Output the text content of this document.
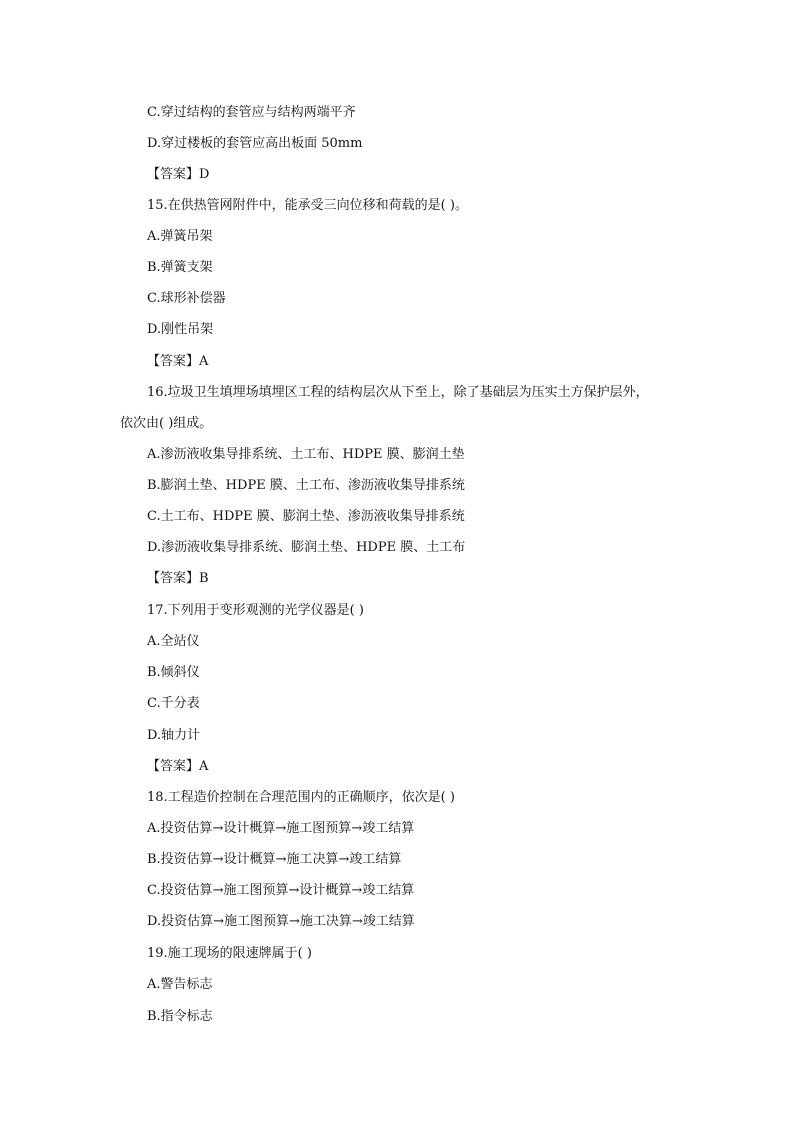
C.穿过结构的套管应与结构两端平齐
D.穿过楼板的套管应高出板面 50mm
【答案】D
15.在供热管网附件中，能承受三向位移和荷载的是( )。
A.弹簧吊架
B.弹簧支架
C.球形补偿器
D.刚性吊架
【答案】A
16.垃圾卫生填埋场填埋区工程的结构层次从下至上，除了基础层为压实土方保护层外，
依次由( )组成。
A.渗沥液收集导排系统、土工布、HDPE 膜、膨润土垫
B.膨润土垫、HDPE 膜、土工布、渗沥液收集导排系统
C.土工布、HDPE 膜、膨润土垫、渗沥液收集导排系统
D.渗沥液收集导排系统、膨润土垫、HDPE 膜、土工布
【答案】B
17.下列用于变形观测的光学仪器是( )
A.全站仪
B.倾斜仪
C.千分表
D.轴力计
【答案】A
18.工程造价控制在合理范围内的正确顺序，依次是( )
A.投资估算→设计概算→施工图预算→竣工结算
B.投资估算→设计概算→施工决算→竣工结算
C.投资估算→施工图预算→设计概算→竣工结算
D.投资估算→施工图预算→施工决算→竣工结算
19.施工现场的限速牌属于( )
A.警告标志
B.指令标志
